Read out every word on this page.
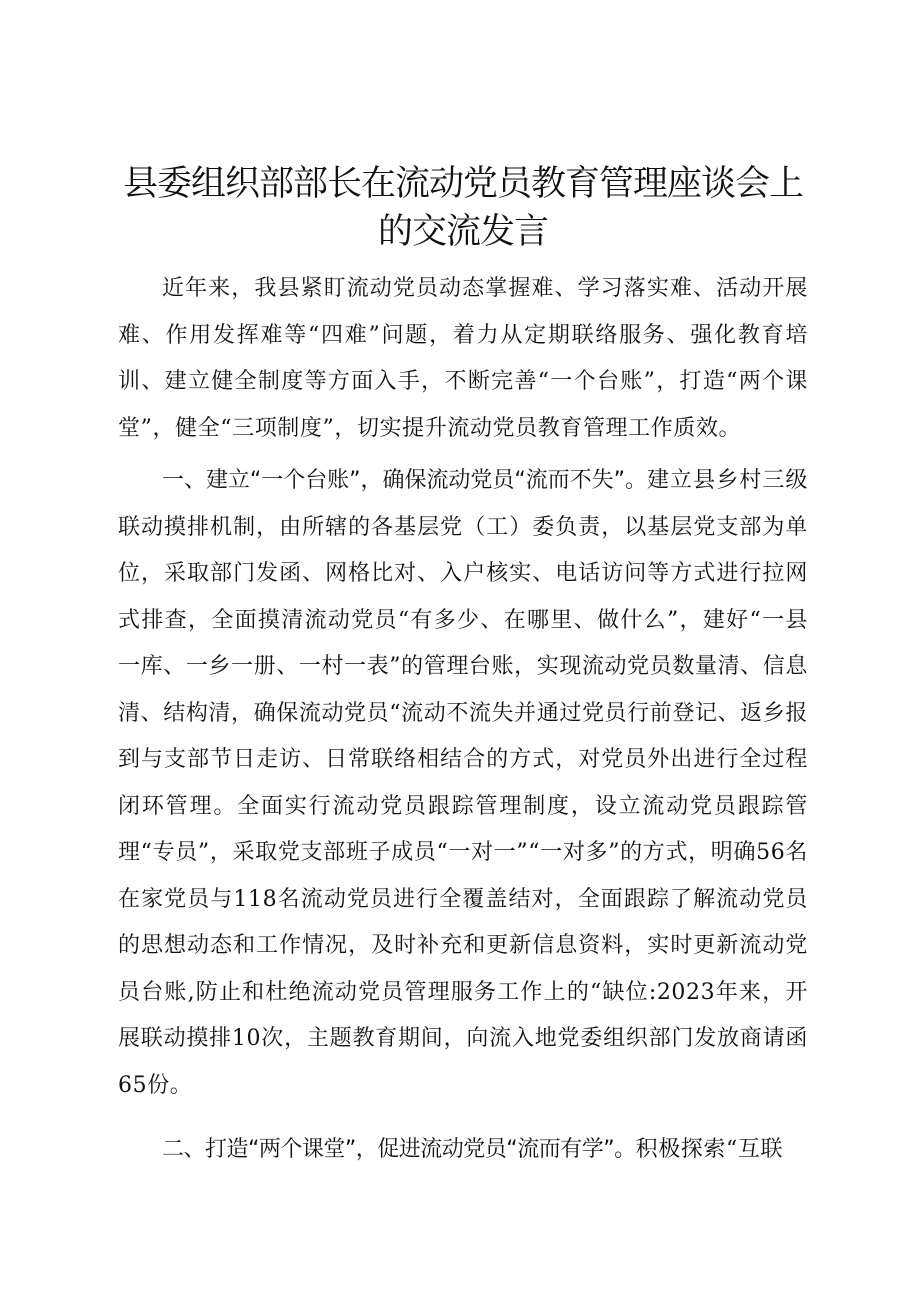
县委组织部部长在流动党员教育管理座谈会上
的交流发言

近年来，我县紧盯流动党员动态掌握难、学习落实难、活动开展难、作用发挥难等“四难”问题，着力从定期联络服务、强化教育培训、建立健全制度等方面入手，不断完善“一个台账”，打造“两个课堂”，健全“三项制度”，切实提升流动党员教育管理工作质效。

一、建立“一个台账”，确保流动党员“流而不失”。建立县乡村三级联动摸排机制，由所辖的各基层党（工）委负责，以基层党支部为单位，采取部门发函、网格比对、入户核实、电话访问等方式进行拉网式排查，全面摸清流动党员“有多少、在哪里、做什么”，建好“一县一库、一乡一册、一村一表”的管理台账，实现流动党员数量清、信息清、结构清，确保流动党员“流动不流失并通过党员行前登记、返乡报到与支部节日走访、日常联络相结合的方式，对党员外出进行全过程闭环管理。全面实行流动党员跟踪管理制度，设立流动党员跟踪管理“专员”，采取党支部班子成员“一对一”“一对多”的方式，明确56名在家党员与118名流动党员进行全覆盖结对，全面跟踪了解流动党员的思想动态和工作情况，及时补充和更新信息资料，实时更新流动党员台账,防止和杜绝流动党员管理服务工作上的“缺位:2023年来，开展联动摸排10次，主题教育期间，向流入地党委组织部门发放商请函65份。

二、打造“两个课堂”，促进流动党员“流而有学”。积极探索“互联
